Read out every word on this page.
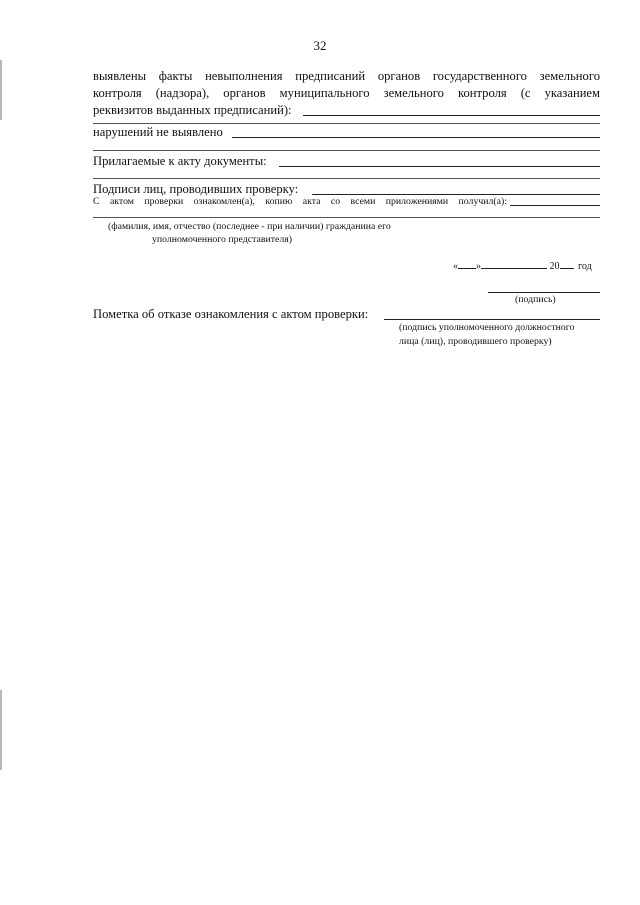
32
выявлены факты невыполнения предписаний органов государственного земельного
контроля (надзора), органов муниципального земельного контроля (с указанием
реквизитов выданных предписаний):
нарушений не выявлено
Прилагаемые к акту документы:
Подписи лиц, проводивших проверку:
С актом проверки ознакомлен(а), копию акта со всеми приложениями получил(а):
(фамилия, имя, отчество (последнее - при наличии) гражданина его
уполномоченного представителя)
« »	20 год
(подпись)
Пометка об отказе ознакомления с актом проверки:
(подпись уполномоченного должностного
лица (лиц), проводившего проверку)
